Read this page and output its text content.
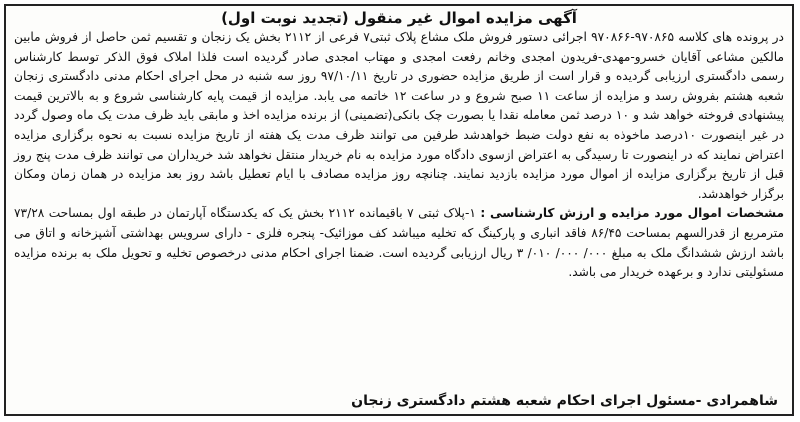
آگهی مزایده اموال غیر منقول (تجدید نوبت اول)

در پرونده های کلاسه ۹۷۰۸۶۵-۹۷۰۸۶۶ اجرائی دستور فروش ملک مشاع پلاک ثبتی۷ فرعی از ۲۱۱۲ بخش یک زنجان و تقسیم ثمن حاصل از فروش مابین مالکین مشاعی آقایان خسرو-مهدی-فریدون امجدی وخانم رفعت امجدی و مهتاب امجدی صادر گردیده است فلذا املاک فوق الذکر توسط کارشناس رسمی دادگستری ارزیابی گردیده و قرار است از طریق مزایده حضوری در تاریخ ۹۷/۱۰/۱۱ روز سه شنبه در محل اجرای احکام مدنی دادگستری زنجان شعبه هشتم بفروش رسد و مزایده از ساعت ۱۱ صبح شروع و در ساعت ۱۲ خاتمه می یابد. مزایده از قیمت پایه کارشناسی شروع و به بالاترین قیمت پیشنهادی فروخته خواهد شد و ۱۰ درصد ثمن معامله نقدا یا بصورت چک بانکی(تضمینی) از برنده مزایده اخذ و مابقی باید ظرف مدت یک ماه وصول گردد در غیر اینصورت ۱۰درصد ماخوذه به نفع دولت ضبط خواهدشد طرفین می توانند ظرف مدت یک هفته از تاریخ مزایده نسبت به نحوه برگزاری مزایده اعتراض نمایند که در اینصورت تا رسیدگی به اعتراض ازسوی دادگاه مورد مزایده به نام خریدار منتقل نخواهد شد خریداران می توانند ظرف مدت پنج روز قبل از تاریخ برگزاری مزایده از اموال مورد مزایده بازدید نمایند. چنانچه روز مزایده مصادف با ایام تعطیل باشد روز بعد مزایده در همان زمان ومکان برگزار خواهدشد.

مشخصات اموال مورد مزایده و ارزش کارشناسی : ۱-پلاک ثبتی ۷ باقیمانده ۲۱۱۲ بخش یک که یکدستگاه آپارتمان در طبقه اول بمساحت ۷۳/۲۸ مترمربع از قدرالسهم بمساحت ۸۶/۴۵ فاقد انباری و پارکینگ که تخلیه میباشد کف موزائیک- پنجره فلزی - دارای سرویس بهداشتی آشپزخانه و اتاق می باشد ارزش ششدانگ ملک به مبلغ ۰۰۰/ ۰۰۰/ ۰۱۰/ ۳ ریال ارزیابی گردیده است. ضمنا اجرای احکام مدنی درخصوص تخلیه و تحویل ملک به برنده مزایده مسئولیتی ندارد و برعهده خریدار می باشد.

شاهمرادی -مسئول اجرای احکام شعبه هشتم دادگستری زنجان
